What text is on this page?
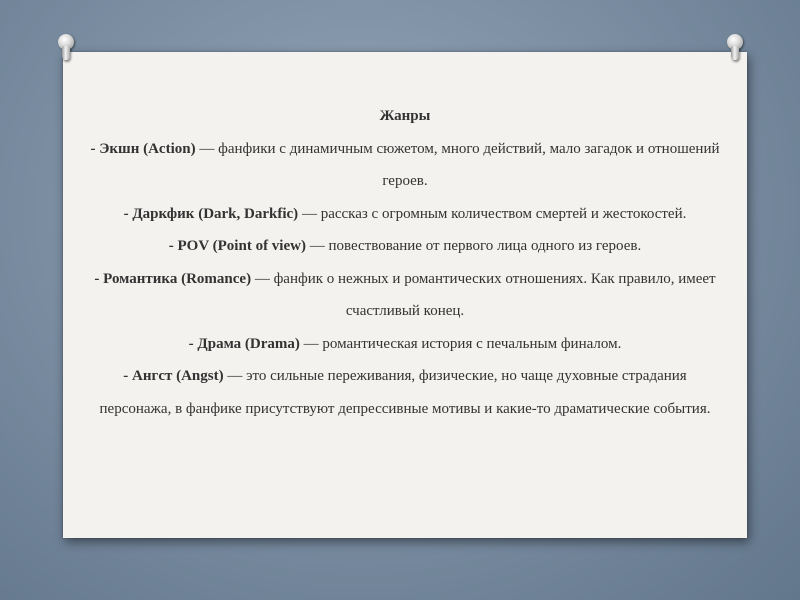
Жанры

- Экшн (Action) — фанфики с динамичным сюжетом, много действий, мало загадок и отношений героев.

- Даркфик (Dark, Darkfic) — рассказ с огромным количеством смертей и жестокостей.

- POV (Point of view) — повествование от первого лица одного из героев.

- Романтика (Romance) — фанфик о нежных и романтических отношениях. Как правило, имеет счастливый конец.

- Драма (Drama) — романтическая история с печальным финалом.

- Ангст (Angst) — это сильные переживания, физические, но чаще духовные страдания персонажа, в фанфике присутствуют депрессивные мотивы и какие-то драматические события.
